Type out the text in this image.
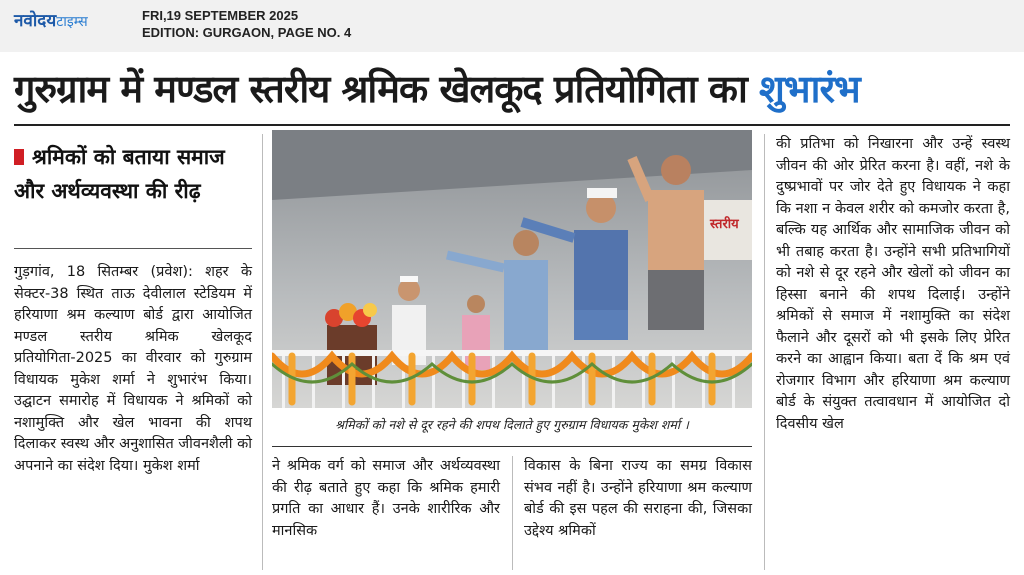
नवोदयटाइम्स	FRI,19 SEPTEMBER 2025
EDITION: GURGAON, PAGE NO. 4
गुरुग्राम में मण्डल स्तरीय श्रमिक खेलकूद प्रतियोगिता का शुभारंभ
श्रमिकों को बताया समाज और अर्थव्यवस्था की रीढ़
गुड़गांव, 18 सितम्बर (प्रवेश): शहर के सेक्टर-38 स्थित ताऊ देवीलाल स्टेडियम में हरियाणा श्रम कल्याण बोर्ड द्वारा आयोजित मण्डल स्तरीय श्रमिक खेलकूद प्रतियोगिता-2025 का वीरवार को गुरुग्राम विधायक मुकेश शर्मा ने शुभारंभ किया। उद्घाटन समारोह में विधायक ने श्रमिकों को नशामुक्ति और खेल भावना की शपथ दिलाकर स्वस्थ और अनुशासित जीवनशैली को अपनाने का संदेश दिया। मुकेश शर्मा
स्तरीय
श्रमिकों को नशे से दूर रहने की शपथ दिलाते हुए गुरुग्राम विधायक मुकेश शर्मा ।
ने श्रमिक वर्ग को समाज और अर्थव्यवस्था की रीढ़ बताते हुए कहा कि श्रमिक हमारी प्रगति का आधार हैं। उनके शारीरिक और मानसिक
विकास के बिना राज्य का समग्र विकास संभव नहीं है। उन्होंने हरियाणा श्रम कल्याण बोर्ड की इस पहल की सराहना की, जिसका उद्देश्य श्रमिकों
की प्रतिभा को निखारना और उन्हें स्वस्थ जीवन की ओर प्रेरित करना है। वहीं, नशे के दुष्प्रभावों पर जोर देते हुए विधायक ने कहा कि नशा न केवल शरीर को कमजोर करता है, बल्कि यह आर्थिक और सामाजिक जीवन को भी तबाह करता है। उन्होंने सभी प्रतिभागियों को नशे से दूर रहने और खेलों को जीवन का हिस्सा बनाने की शपथ दिलाई। उन्होंने श्रमिकों से समाज में नशामुक्ति का संदेश फैलाने और दूसरों को भी इसके लिए प्रेरित करने का आह्वान किया। बता दें कि श्रम एवं रोजगार विभाग और हरियाणा श्रम कल्याण बोर्ड के संयुक्त तत्वावधान में आयोजित दो दिवसीय खेल
